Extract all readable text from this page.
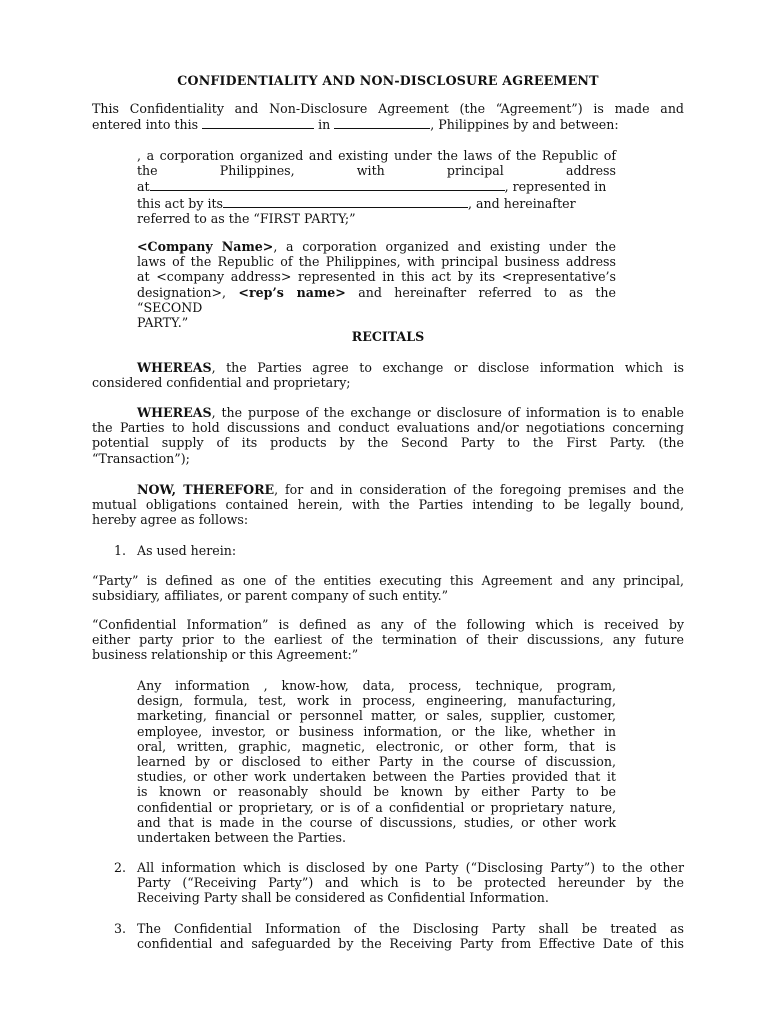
CONFIDENTIALITY AND NON-DISCLOSURE AGREEMENT
This Confidentiality and Non-Disclosure Agreement (the “Agreement”) is made and
entered into this	in	, Philippines by and between:
, a corporation organized and existing under the laws of the Republic of
the	Philippines,	with	principal	address
at	, represented in
this act by its	, and hereinafter
referred to as the “FIRST PARTY;”
<Company Name>, a corporation organized and existing under the
laws of the Republic of the Philippines, with principal business address
at <company address> represented in this act by its <representative’s
designation>, <rep’s name> and hereinafter referred to as the “SECOND
PARTY.”
RECITALS
WHEREAS, the Parties agree to exchange or disclose information which is
considered confidential and proprietary;
WHEREAS, the purpose of the exchange or disclosure of information is to enable
the Parties to hold discussions and conduct evaluations and/or negotiations concerning
potential supply of its products by the Second Party to the First Party. (the
“Transaction”);
NOW, THEREFORE, for and in consideration of the foregoing premises and the
mutual obligations contained herein, with the Parties intending to be legally bound,
hereby agree as follows:
1. As used herein:
“Party” is defined as one of the entities executing this Agreement and any principal,
subsidiary, affiliates, or parent company of such entity.”
“Confidential Information” is defined as any of the following which is received by
either party prior to the earliest of the termination of their discussions, any future
business relationship or this Agreement:”
Any information , know-how, data, process, technique, program,
design, formula, test, work in process, engineering, manufacturing,
marketing, financial or personnel matter, or sales, supplier, customer,
employee, investor, or business information, or the like, whether in
oral, written, graphic, magnetic, electronic, or other form, that is
learned by or disclosed to either Party in the course of discussion,
studies, or other work undertaken between the Parties provided that it
is known or reasonably should be known by either Party to be
confidential or proprietary, or is of a confidential or proprietary nature,
and that is made in the course of discussions, studies, or other work
undertaken between the Parties.
2. All information which is disclosed by one Party (“Disclosing Party”) to the other
Party (“Receiving Party”) and which is to be protected hereunder by the
Receiving Party shall be considered as Confidential Information.
3. The Confidential Information of the Disclosing Party shall be treated as
confidential and safeguarded by the Receiving Party from Effective Date of this
